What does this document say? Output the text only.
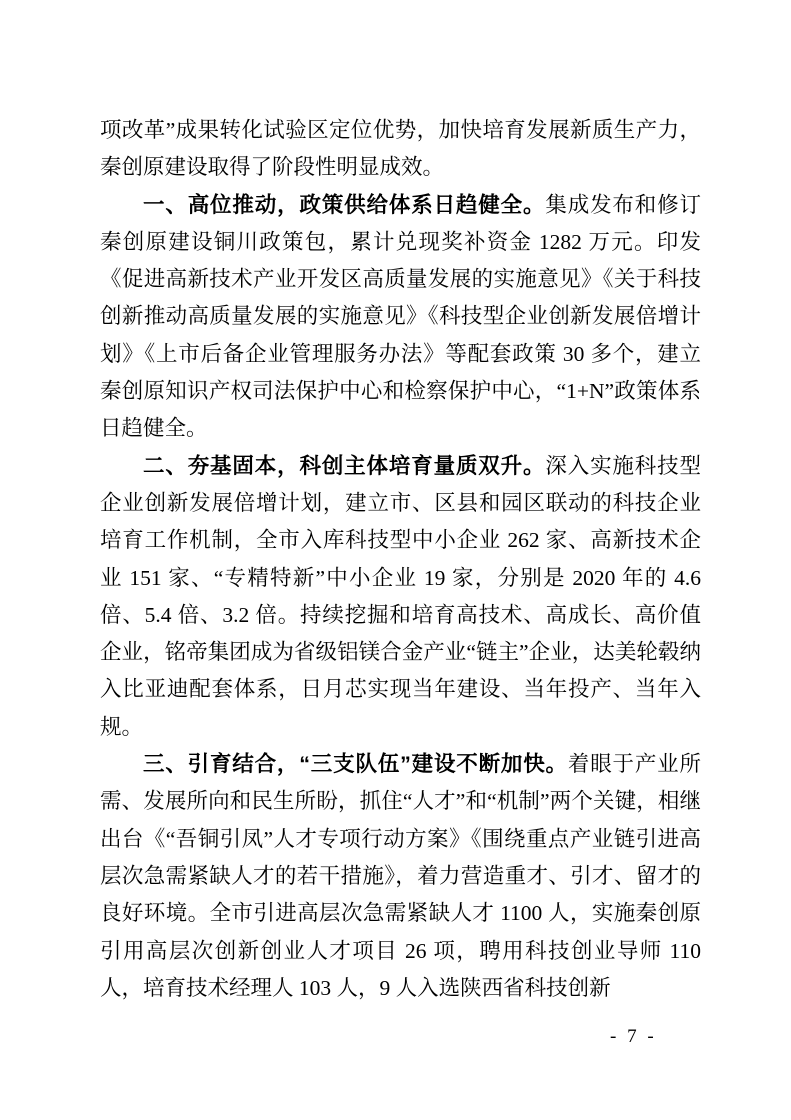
项改革”成果转化试验区定位优势，加快培育发展新质生产力，秦创原建设取得了阶段性明显成效。

一、高位推动，政策供给体系日趋健全。集成发布和修订秦创原建设铜川政策包，累计兑现奖补资金 1282 万元。印发《促进高新技术产业开发区高质量发展的实施意见》《关于科技创新推动高质量发展的实施意见》《科技型企业创新发展倍增计划》《上市后备企业管理服务办法》等配套政策 30 多个，建立秦创原知识产权司法保护中心和检察保护中心，“1+N”政策体系日趋健全。

二、夯基固本，科创主体培育量质双升。深入实施科技型企业创新发展倍增计划，建立市、区县和园区联动的科技企业培育工作机制，全市入库科技型中小企业 262 家、高新技术企业 151 家、“专精特新”中小企业 19 家，分别是 2020 年的 4.6 倍、5.4 倍、3.2 倍。持续挖掘和培育高技术、高成长、高价值企业，铭帝集团成为省级铝镁合金产业“链主”企业，达美轮毂纳入比亚迪配套体系，日月芯实现当年建设、当年投产、当年入规。

三、引育结合，“三支队伍”建设不断加快。着眼于产业所需、发展所向和民生所盼，抓住“人才”和“机制”两个关键，相继出台《“吾铜引凤”人才专项行动方案》《围绕重点产业链引进高层次急需紧缺人才的若干措施》，着力营造重才、引才、留才的良好环境。全市引进高层次急需紧缺人才 1100 人，实施秦创原引用高层次创新创业人才项目 26 项，聘用科技创业导师 110 人，培育技术经理人 103 人，9 人入选陕西省科技创新

- 7 -
